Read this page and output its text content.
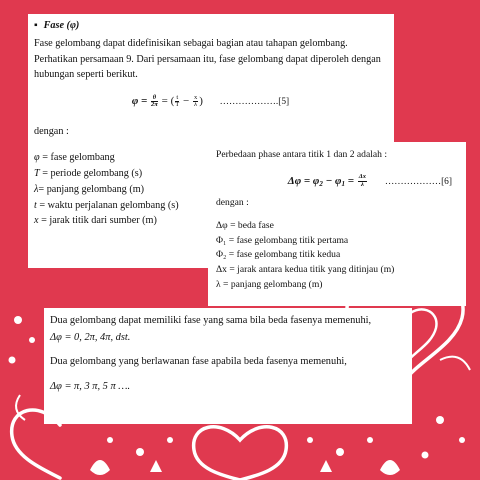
▪ Fase (φ)

Fase gelombang dapat didefinisikan sebagai bagian atau tahapan gelombang. Perhatikan persamaan 9. Dari persamaan itu, fase gelombang dapat diperoleh dengan hubungan seperti berikut.

$\varphi = \frac{\theta}{2\pi}$ = ( $\frac{t}{T} - \frac{x}{\lambda}$ ) ……………….[5]

dengan :

φ = fase gelombang

T = periode gelombang (s)

λ= panjang gelombang (m)

t = waktu perjalanan gelombang (s)

x = jarak titik dari sumber (m)

Perbedaan phase antara titik 1 dan 2 adalah :

$\Delta\varphi = \varphi_2 - \varphi_1 = \frac{\Delta x}{\lambda}$ ………………[6]

dengan :

Δφ = beda fase

Φ₁ = fase gelombang titik pertama

Φ₂ = fase gelombang titik kedua

Δx = jarak antara kedua titik yang ditinjau (m)

λ = panjang gelombang (m)

Dua gelombang dapat memiliki fase yang sama bila beda fasenya memenuhi,

Δφ = 0, 2π, 4π, dst.

Dua gelombang yang berlawanan fase apabila beda fasenya memenuhi,

Δφ = π, 3 π, 5 π ….
